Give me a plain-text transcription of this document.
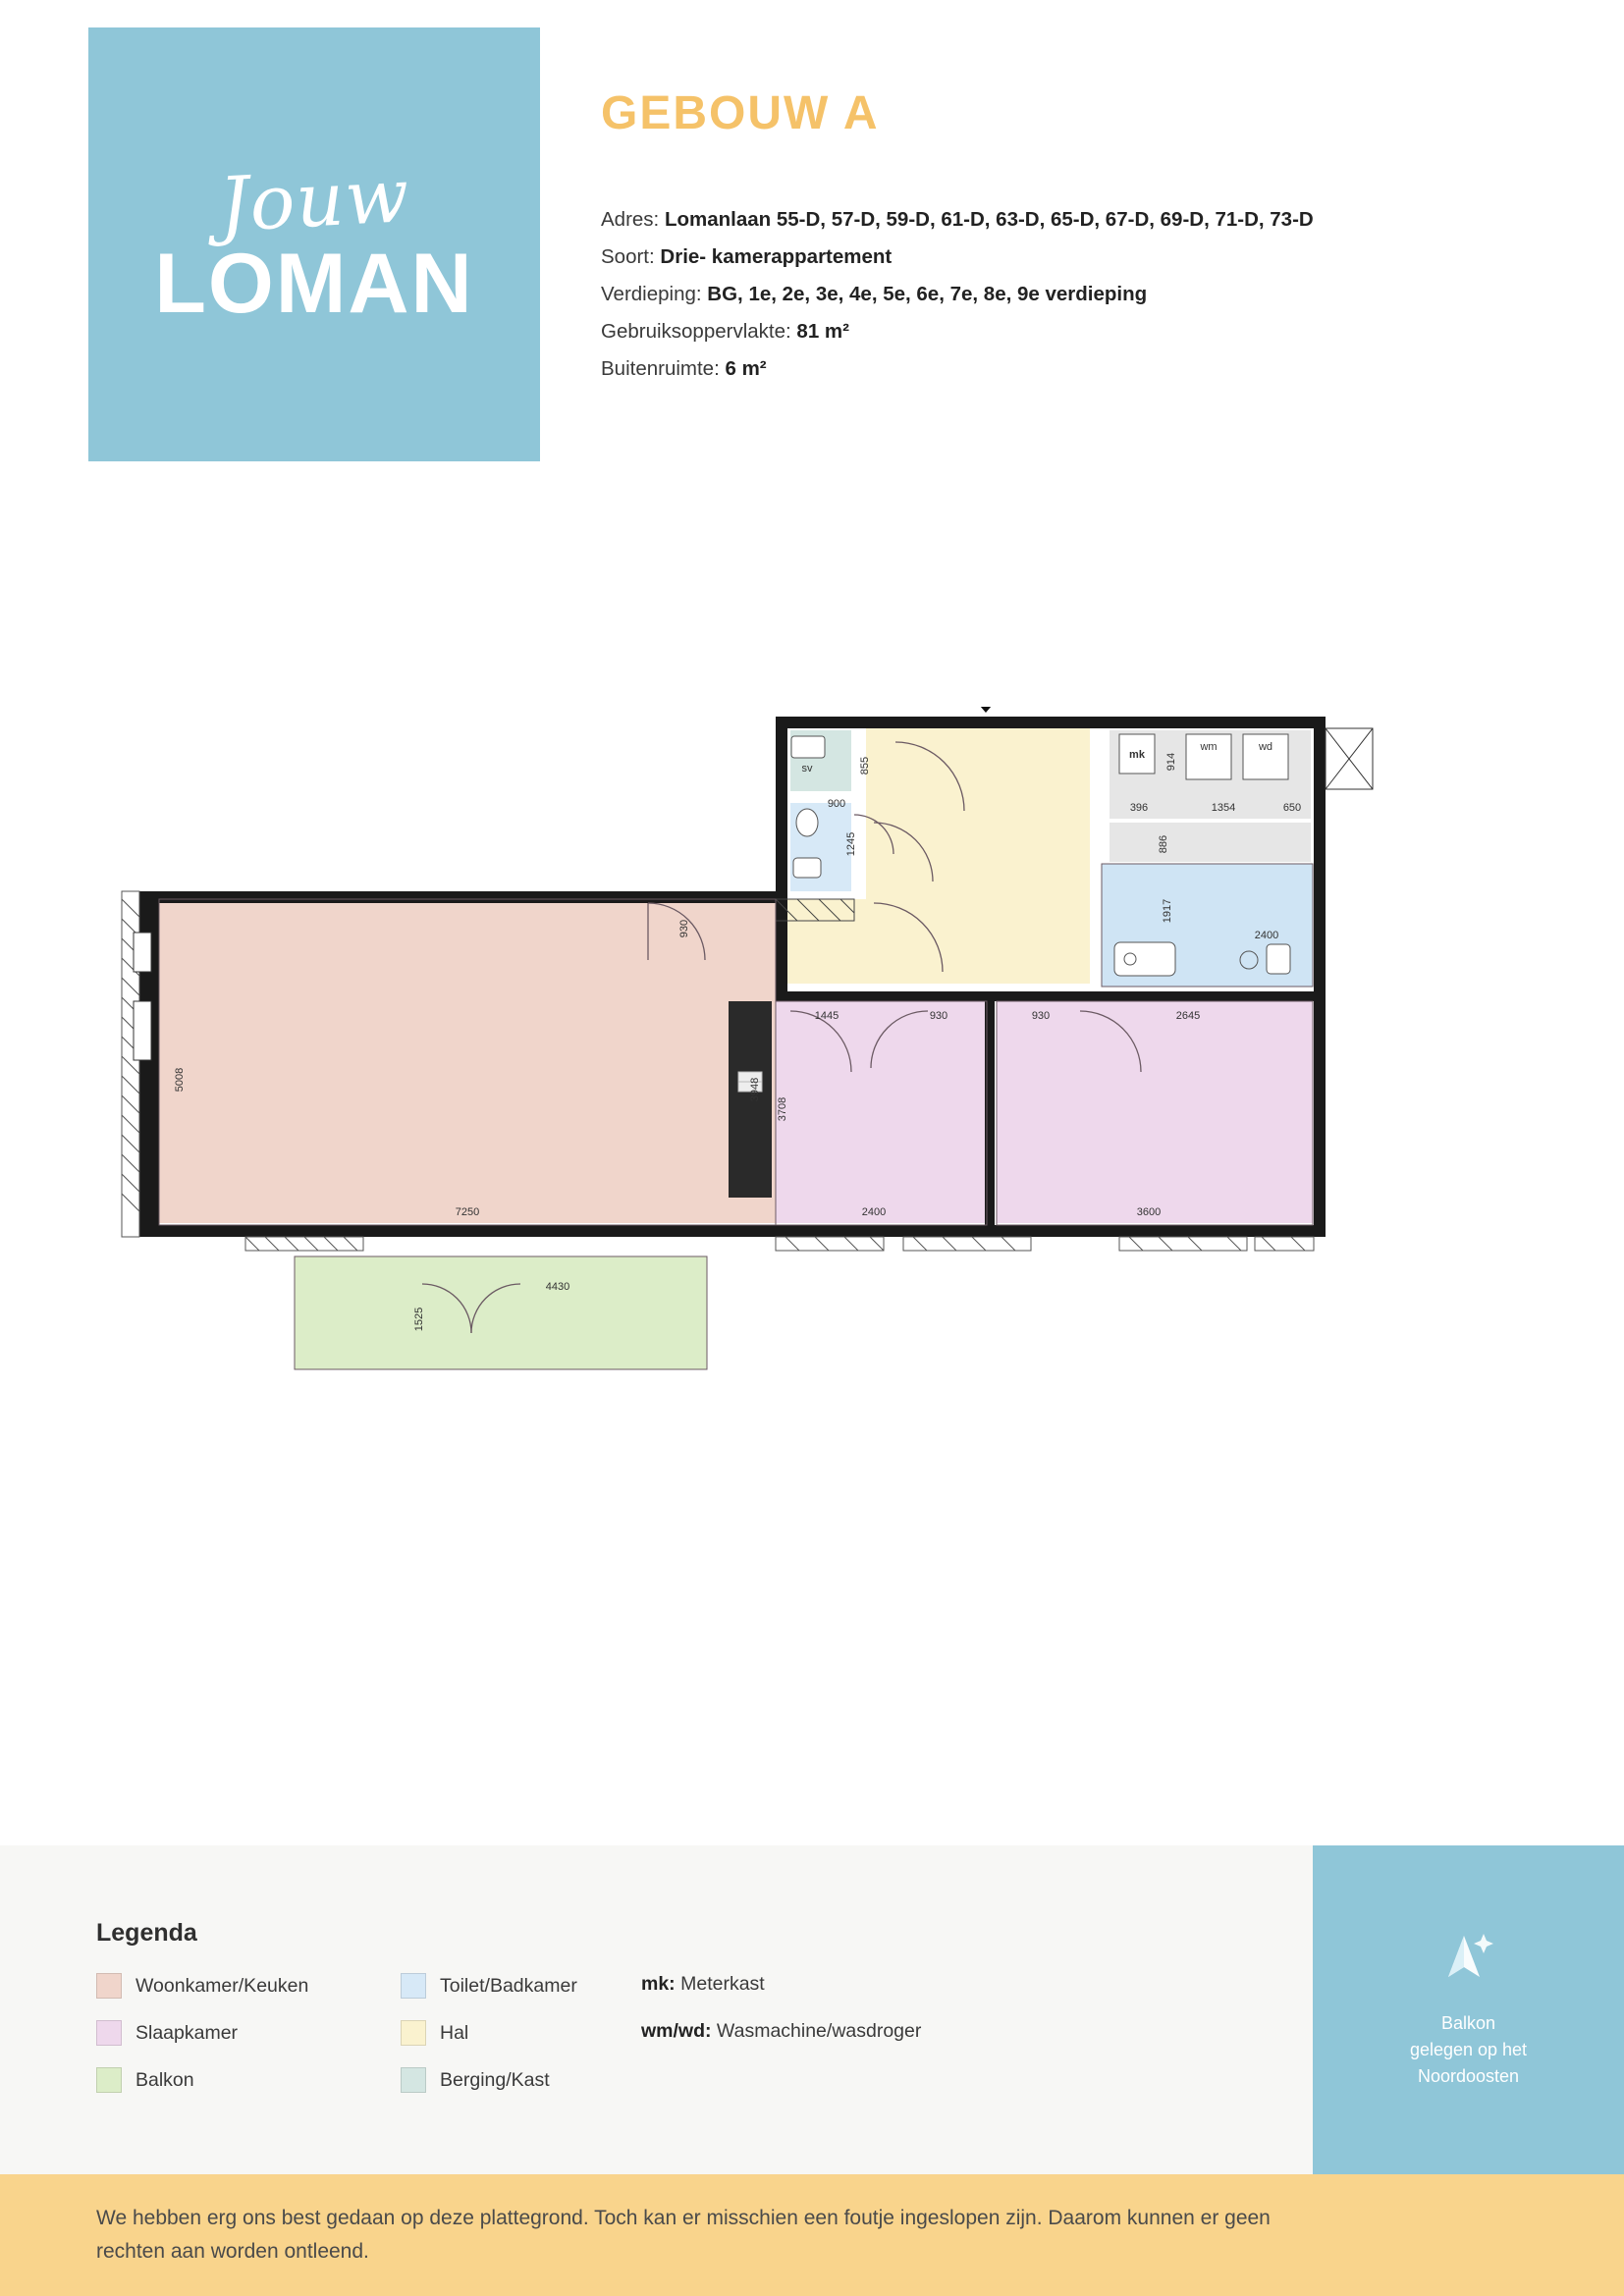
Jouw
LOMAN
GEBOUW A
Adres: Lomanlaan 55-D, 57-D, 59-D, 61-D, 63-D, 65-D, 67-D, 69-D, 71-D, 73-D
Soort: Drie- kamerappartement
Verdieping: BG, 1e, 2e, 3e, 4e, 5e, 6e, 7e, 8e, 9e verdieping
Gebruiksoppervlakte: 81 m²
Buitenruimte: 6 m²
5008
7250
3948
3708
930
1445	930	930	2645
2400	3600
855
900
1245
914
396
886
1354	650
1917
2400
4430
1525
mk
wm	wd
sv
Legenda
Woonkamer/Keuken	Toilet/Badkamer	mk: Meterkast
Slaapkamer	Hal	wm/wd: Wasmachine/wasdroger
Balkon	Berging/Kast
Balkon
gelegen op het
Noordoosten

We hebben erg ons best gedaan op deze plattegrond. Toch kan er misschien een foutje ingeslopen zijn. Daarom kunnen er geen rechten aan worden ontleend.
